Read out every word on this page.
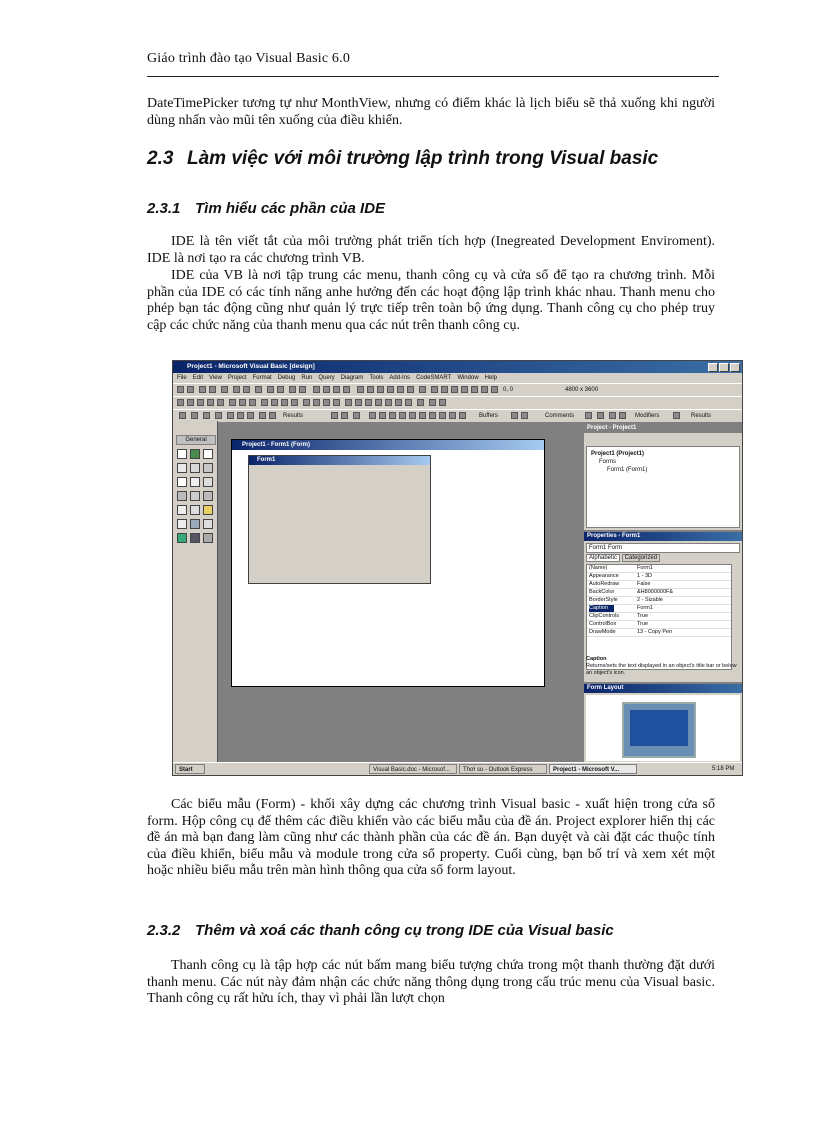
Giáo trình đào tạo Visual Basic 6.0
DateTimePicker tương tự như MonthView, nhưng có điểm khác là lịch biểu sẽ thả xuống khi người dùng nhấn vào mũi tên xuống của điều khiển.
2.3 Làm việc với môi trường lập trình trong Visual basic
2.3.1 Tìm hiểu các phần của IDE
IDE là tên viết tắt của môi trường phát triển tích hợp (Inegreated Development Enviroment). IDE là nơi tạo ra các chương trình VB.
IDE của VB là nơi tập trung các menu, thanh công cụ và cửa sổ để tạo ra chương trình. Mỗi phần của IDE có các tính năng anhe hưởng đến các hoạt động lập trình khác nhau. Thanh menu cho phép bạn tác động cũng như quản lý trực tiếp trên toàn bộ ứng dụng. Thanh công cụ cho phép truy cập các chức năng của thanh menu qua các nút trên thanh công cụ.
Project1 - Microsoft Visual Basic [design]
File Edit View Project Format Debug Run Query Diagram Tools Add-Ins CodeSMART Window Help
0, 0	4800 x 3600
Results	Buffers	Comments	Modifiers	Results
General
Project1 - Form1 (Form)
Form1
Project - Project1
Project1 (Project1)
Forms
Form1 (Form1)
Properties - Form1
Form1 Form
Alphabetic Categorized
(Name)	Form1
Appearance	1 - 3D
AutoRedraw	False
BackColor	&H8000000F&
BorderStyle	2 - Sizable
Caption	Form1
ClipControls	True
ControlBox	True
DrawMode	13 - Copy Pen
Caption
Returns/sets the text displayed in an object's title bar or below an object's icon.
Form Layout
Start	Visual Basic.doc - Microsof...	Thơi su - Outlook Express	Project1 - Microsoft V...	5:18 PM
Các biểu mẫu (Form) - khối xây dựng các chương trình Visual basic - xuất hiện trong cửa sổ form. Hộp công cụ để thêm các điều khiển vào các biểu mẫu của đề án. Project explorer hiển thị các đề án mà bạn đang làm cũng như các thành phần của các đề án. Bạn duyệt và cài đặt các thuộc tính của điều khiển, biểu mẫu và module trong cửa sổ property. Cuối cùng, bạn bố trí và xem xét một hoặc nhiều biểu mẫu trên màn hình thông qua cửa sổ form layout.
2.3.2 Thêm và xoá các thanh công cụ trong IDE của Visual basic
Thanh công cụ là tập hợp các nút bấm mang biểu tượng chứa trong một thanh thường đặt dưới thanh menu. Các nút này đảm nhận các chức năng thông dụng trong cấu trúc menu của Visual basic. Thanh công cụ rất hửu ích, thay vì phải lần lượt chọn
